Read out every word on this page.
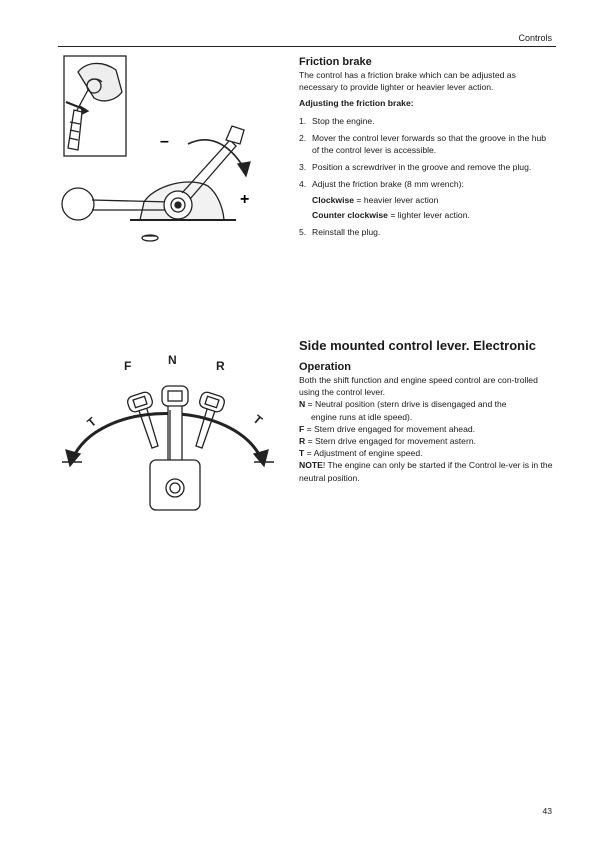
Controls
–
+

Friction brake

The control has a friction brake which can be adjusted as necessary to provide lighter or heavier lever action.

Adjusting the friction brake:

1. Stop the engine.
2. Mover the control lever forwards so that the groove in the hub of the control lever is accessible.
3. Position a screwdriver in the groove and remove the plug.
4. Adjust the friction brake (8 mm wrench):
Clockwise = heavier lever action
Counter clockwise = lighter lever action.
5. Reinstall the plug.
F	N	R
T	T

Side mounted control lever. Electronic

Operation

Both the shift function and engine speed control are con-trolled using the control lever.

N = Neutral position (stern drive is disengaged and the
engine runs at idle speed).

F = Stern drive engaged for movement ahead.

R = Stern drive engaged for movement astern.

T = Adjustment of engine speed.

NOTE! The engine can only be started if the Control le-ver is in the neutral position.

43
